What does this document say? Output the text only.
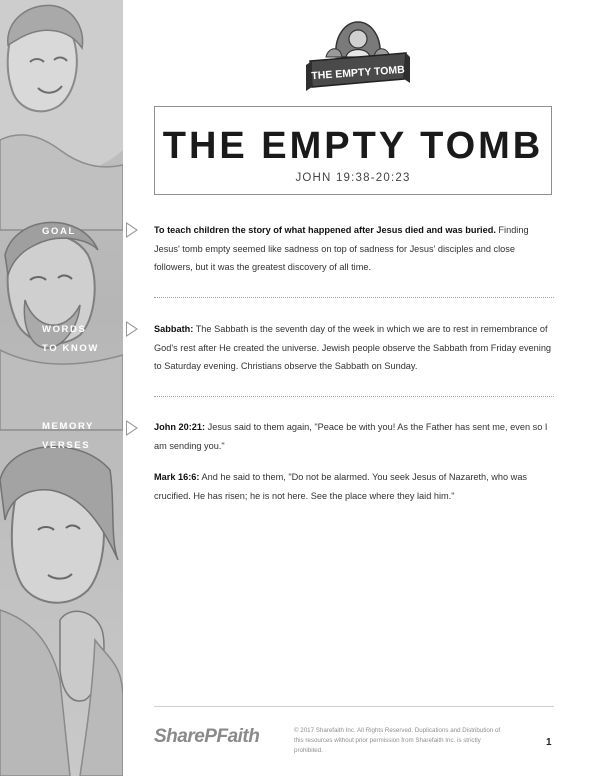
GOAL
WORDS
TO KNOW
MEMORY
VERSES
THE EMPTY TOMB
THE EMPTY TOMB
JOHN 19:38-20:23
To teach children the story of what happened after Jesus died and was buried. Finding Jesus' tomb empty seemed like sadness on top of sadness for Jesus' disciples and close followers, but it was the greatest discovery of all time.
Sabbath: The Sabbath is the seventh day of the week in which we are to rest in remembrance of God's rest after He created the universe. Jewish people observe the Sabbath from Friday evening to Saturday evening. Christians observe the Sabbath on Sunday.
John 20:21: Jesus said to them again, "Peace be with you! As the Father has sent me, even so I am sending you."
Mark 16:6: And he said to them, "Do not be alarmed. You seek Jesus of Nazareth, who was crucified. He has risen; he is not here. See the place where they laid him."
SharePFaith	© 2017 Sharefaith Inc. All Rights Reserved. Duplications and Distribution of this resources without prior permission from Sharefaith Inc. is strictly prohibited.
1
